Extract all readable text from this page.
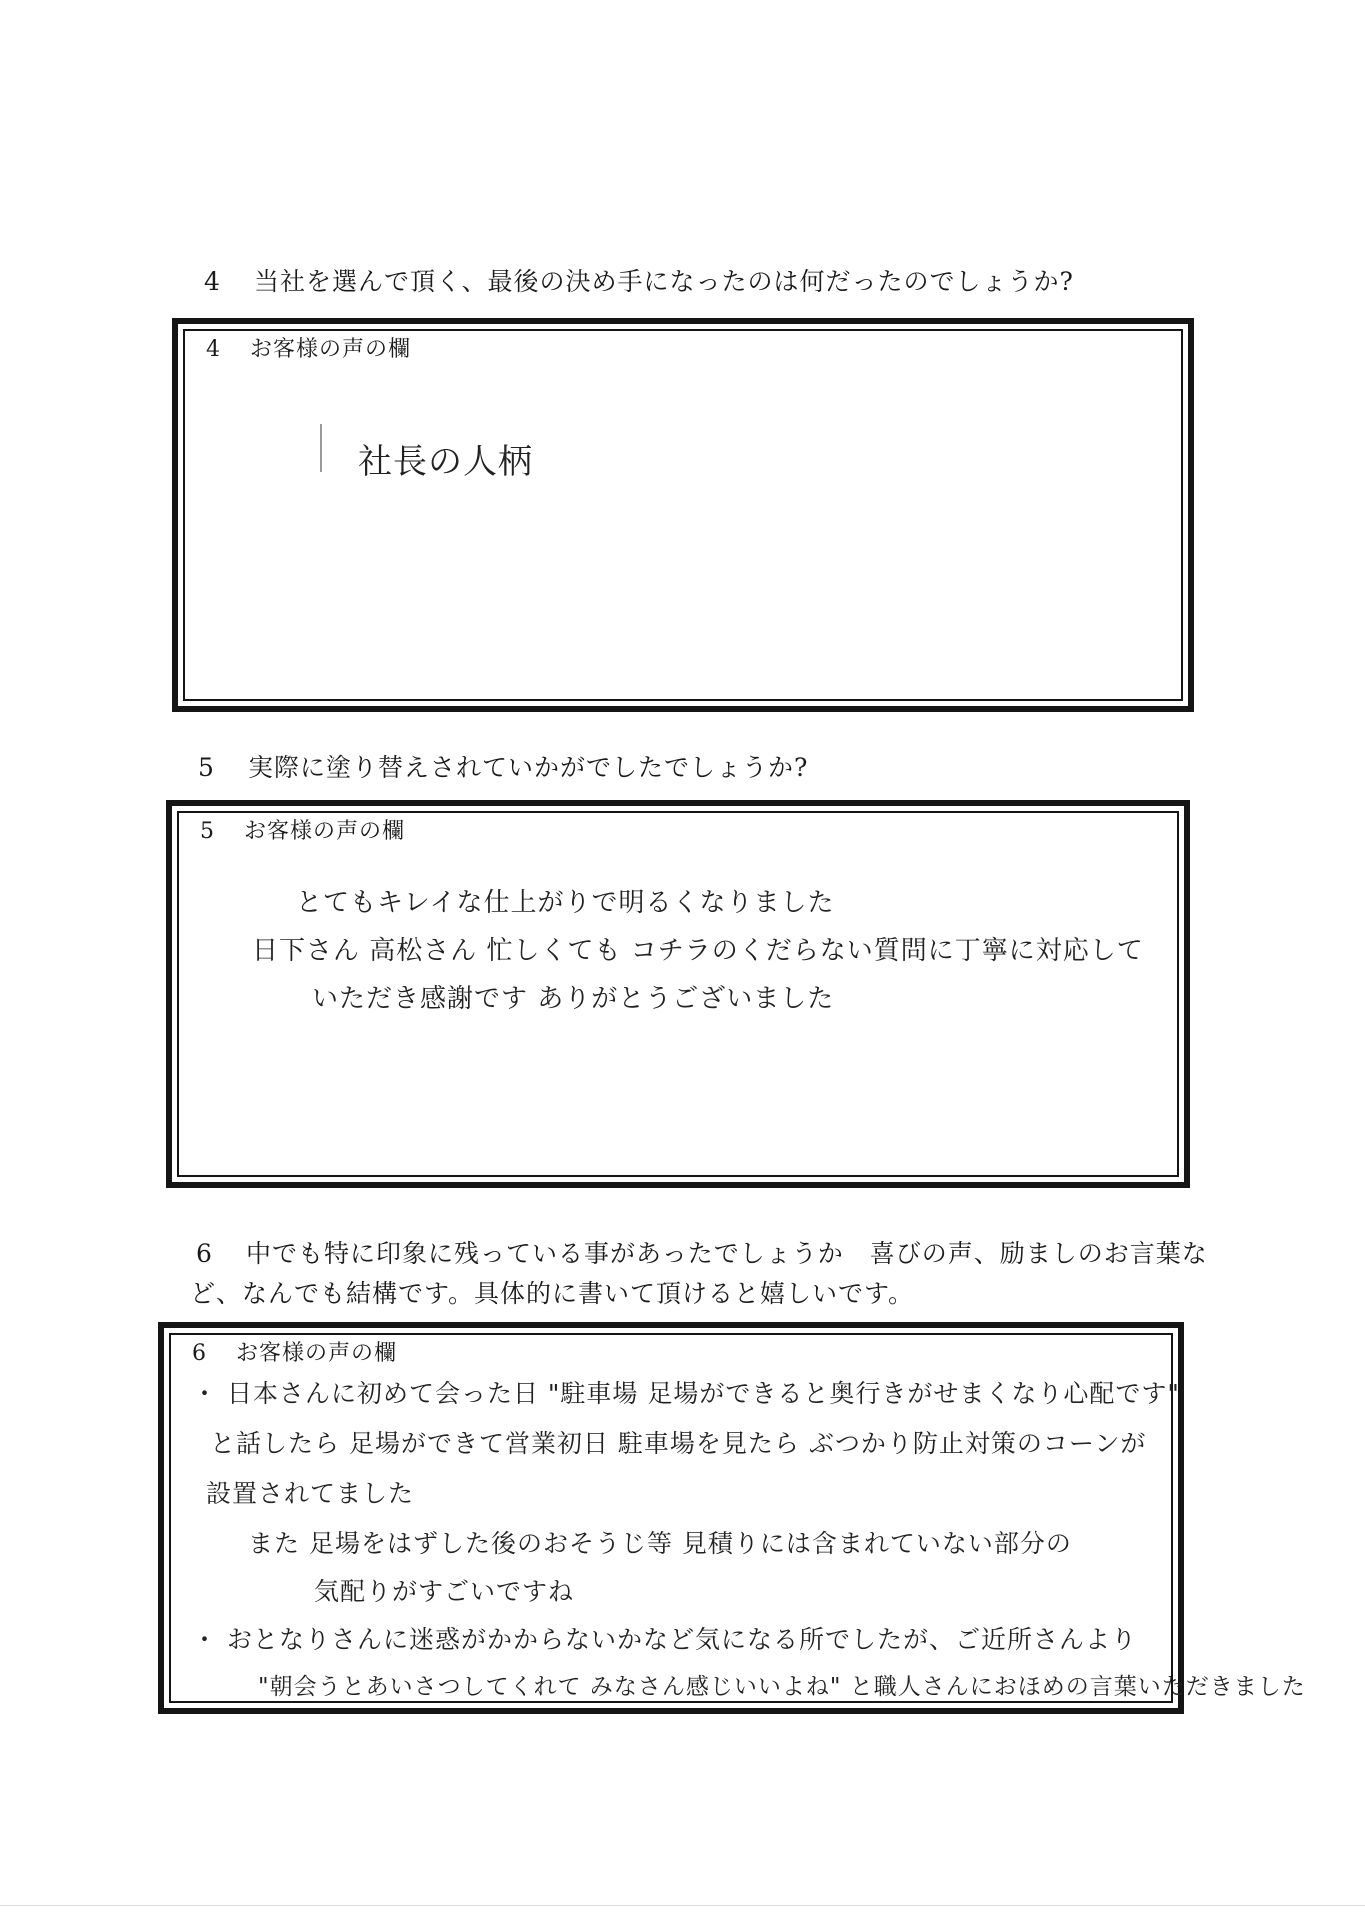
4 当社を選んで頂く、最後の決め手になったのは何だったのでしょうか?
4 お客様の声の欄
社長の人柄
5 実際に塗り替えされていかがでしたでしょうか?
5 お客様の声の欄
とてもキレイな仕上がりで明るくなりました
日下さん 高松さん 忙しくても コチラのくだらない質問に丁寧に対応して
いただき感謝です ありがとうございました
6 中でも特に印象に残っている事があったでしょうか　喜びの声、励ましのお言葉な
ど、なんでも結構です。具体的に書いて頂けると嬉しいです。
6 お客様の声の欄
・ 日本さんに初めて会った日 "駐車場 足場ができると奥行きがせまくなり心配です"
と話したら 足場ができて営業初日 駐車場を見たら ぶつかり防止対策のコーンが
設置されてました
また 足場をはずした後のおそうじ等 見積りには含まれていない部分の
気配りがすごいですね
・ おとなりさんに迷惑がかからないかなど気になる所でしたが、ご近所さんより
"朝会うとあいさつしてくれて みなさん感じいいよね" と職人さんにおほめの言葉いただきました
